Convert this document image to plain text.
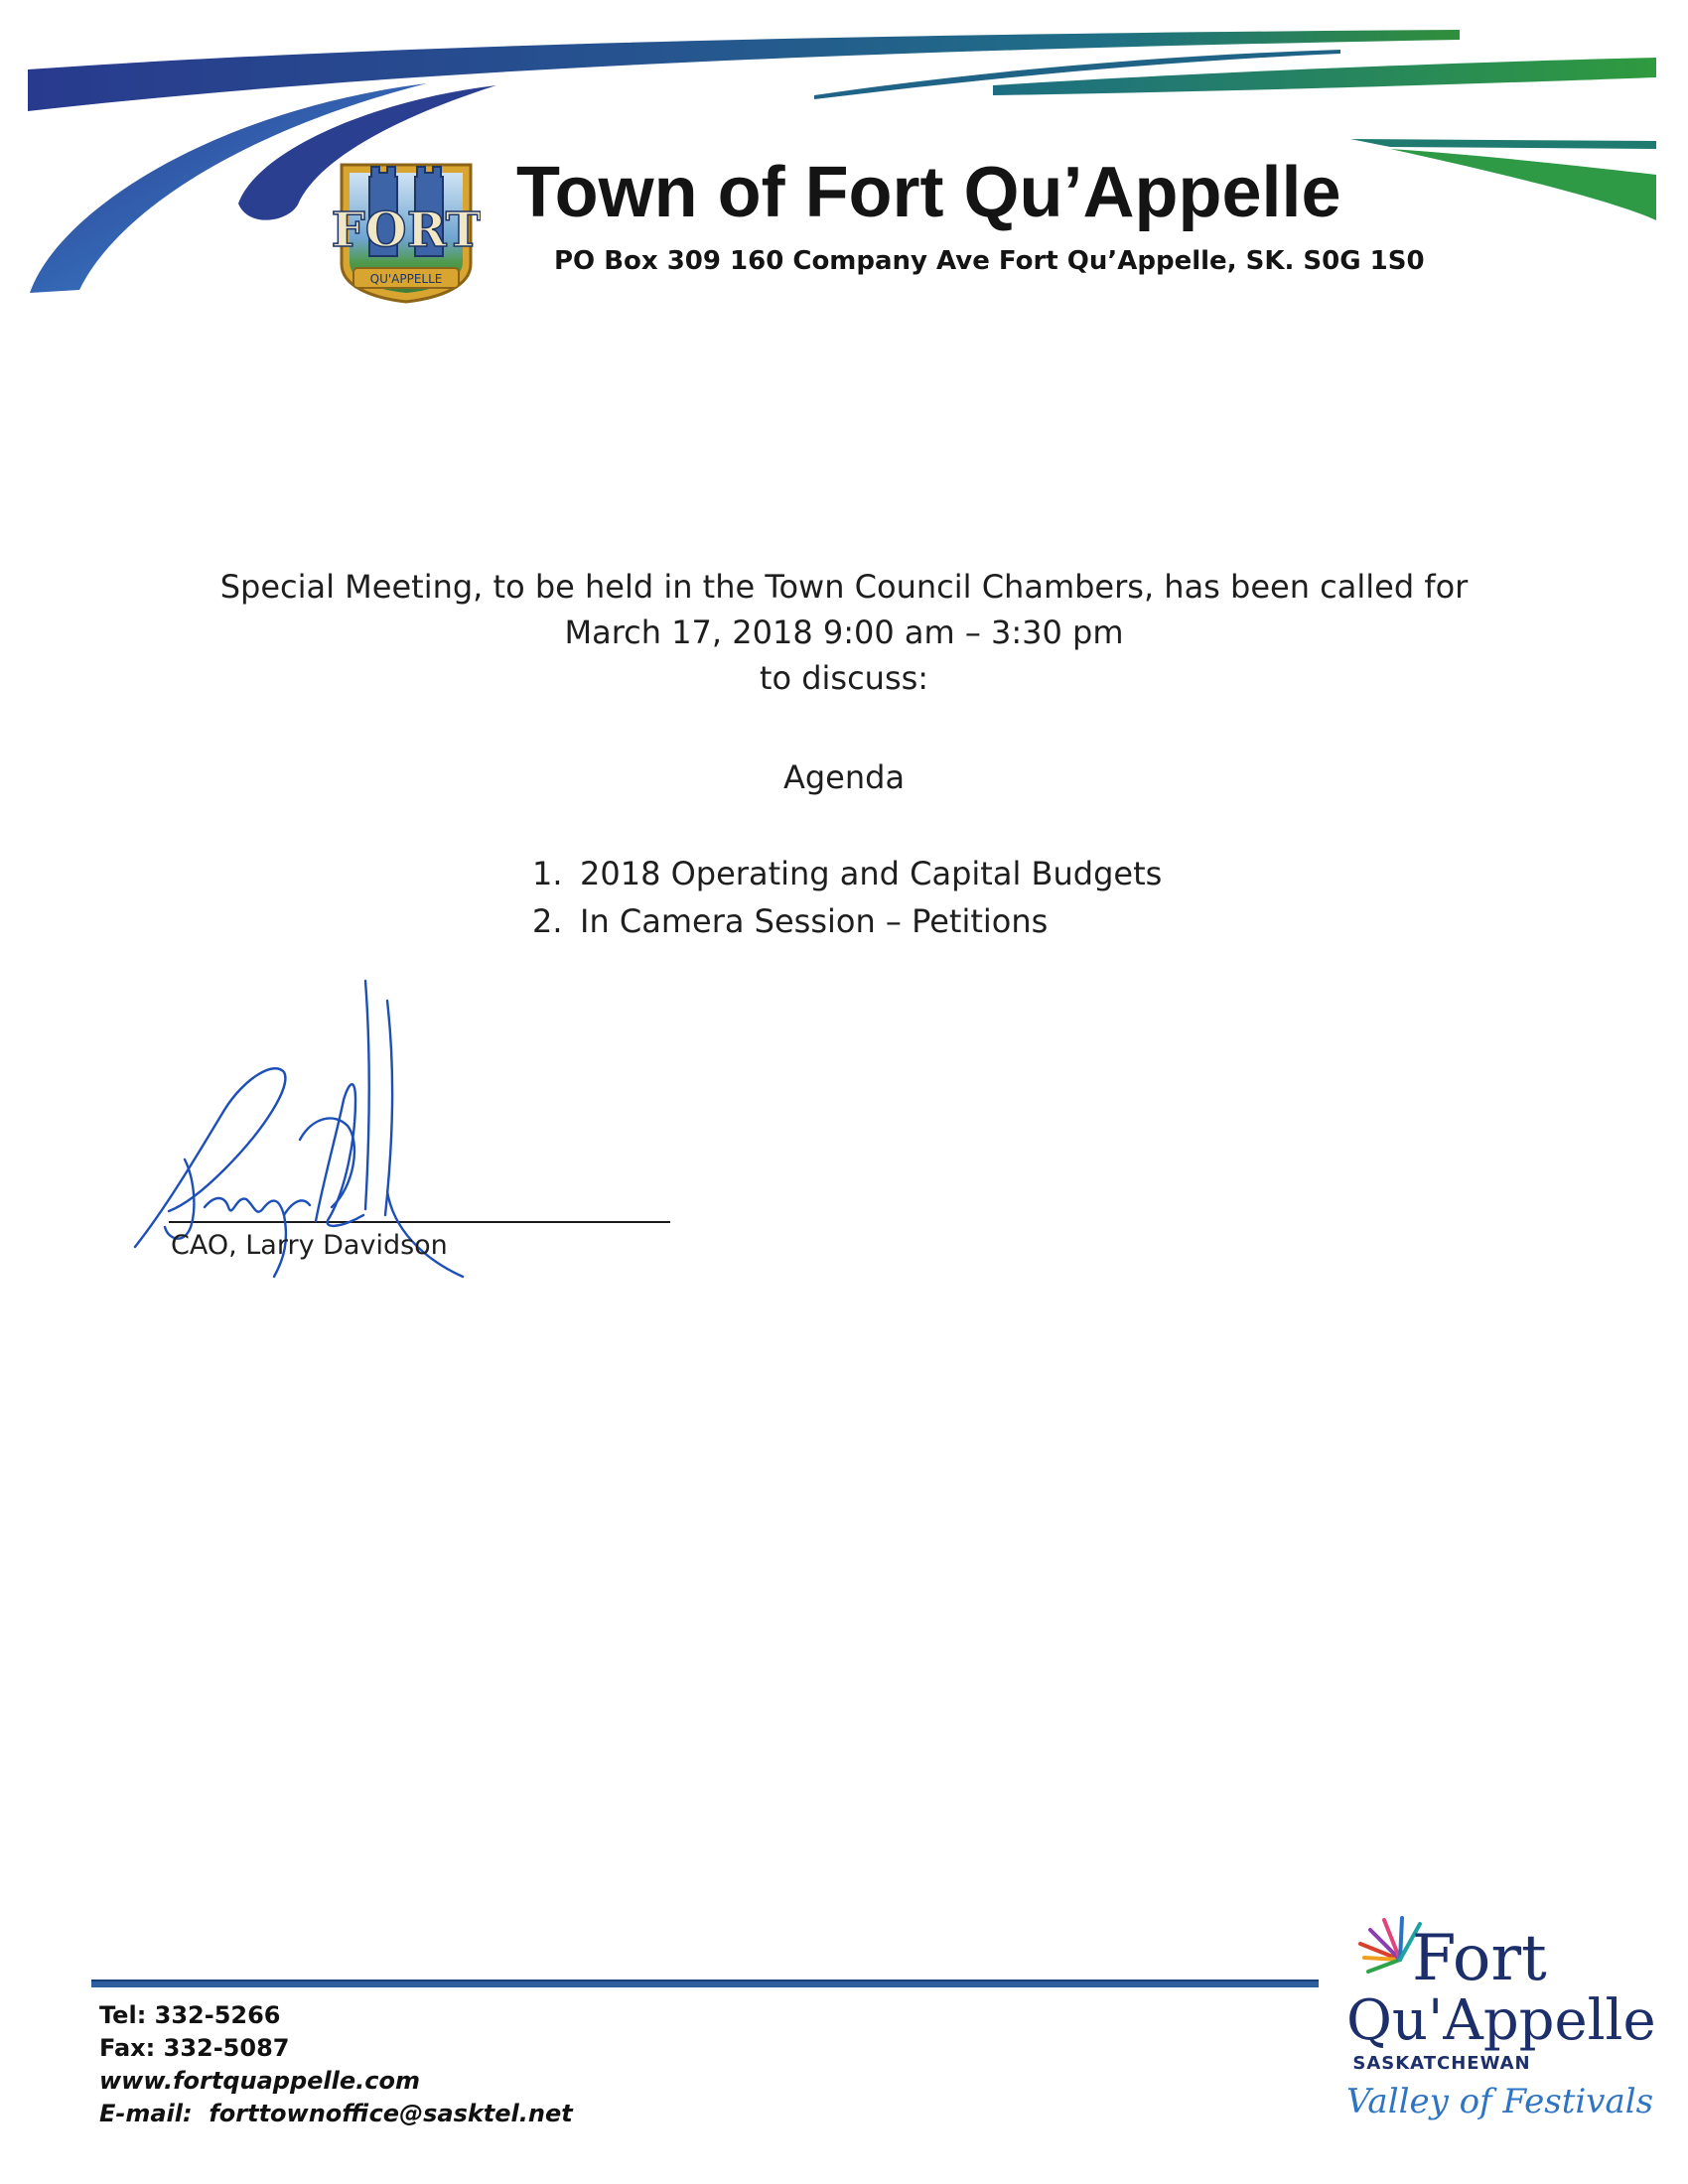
FORT
QU'APPELLE
Town of Fort Qu’Appelle
PO Box 309 160 Company Ave Fort Qu’Appelle, SK. S0G 1S0

Special Meeting, to be held in the Town Council Chambers, has been called for

March 17, 2018 9:00 am – 3:30 pm

to discuss:

Agenda
1. 2018 Operating and Capital Budgets
2. In Camera Session – Petitions
CAO, Larry Davidson
Tel: 332-5266
Fax: 332-5087
www.fortquappelle.com
E-mail: forttownoffice@sasktel.net
Fort
Qu'Appelle
SASKATCHEWAN
Valley of Festivals
